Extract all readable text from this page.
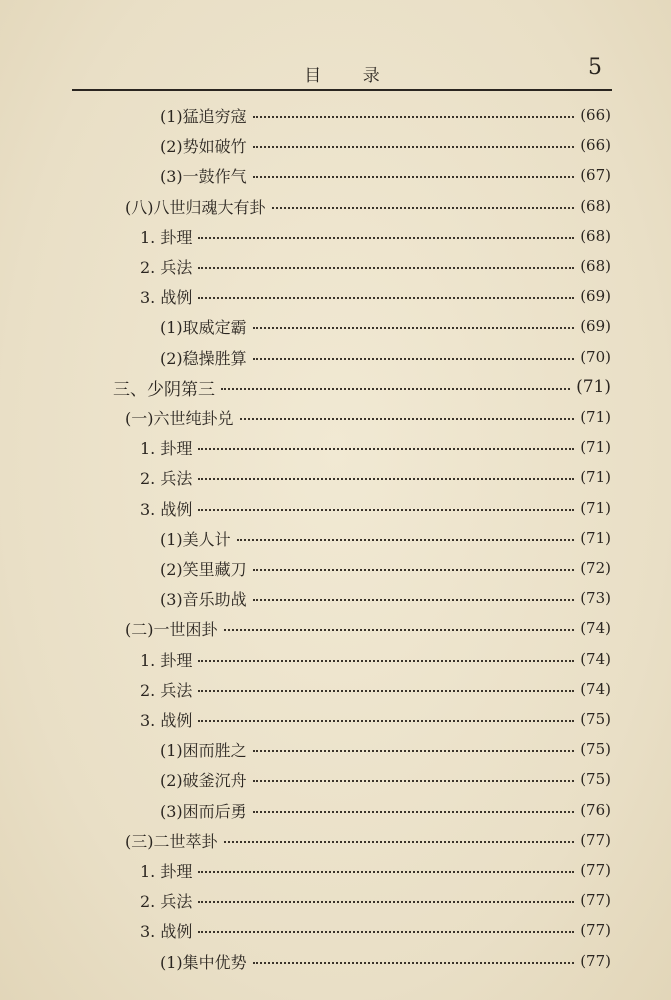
目 录	5
(1)猛追穷寇	(66)
(2)势如破竹	(66)
(3)一鼓作气	(67)
(八)八世归魂大有卦	(68)
1. 卦理	(68)
2. 兵法	(68)
3. 战例	(69)
(1)取威定霸	(69)
(2)稳操胜算	(70)
三、少阴第三	(71)
(一)六世纯卦兑	(71)
1. 卦理	(71)
2. 兵法	(71)
3. 战例	(71)
(1)美人计	(71)
(2)笑里藏刀	(72)
(3)音乐助战	(73)
(二)一世困卦	(74)
1. 卦理	(74)
2. 兵法	(74)
3. 战例	(75)
(1)困而胜之	(75)
(2)破釜沉舟	(75)
(3)困而后勇	(76)
(三)二世萃卦	(77)
1. 卦理	(77)
2. 兵法	(77)
3. 战例	(77)
(1)集中优势	(77)
